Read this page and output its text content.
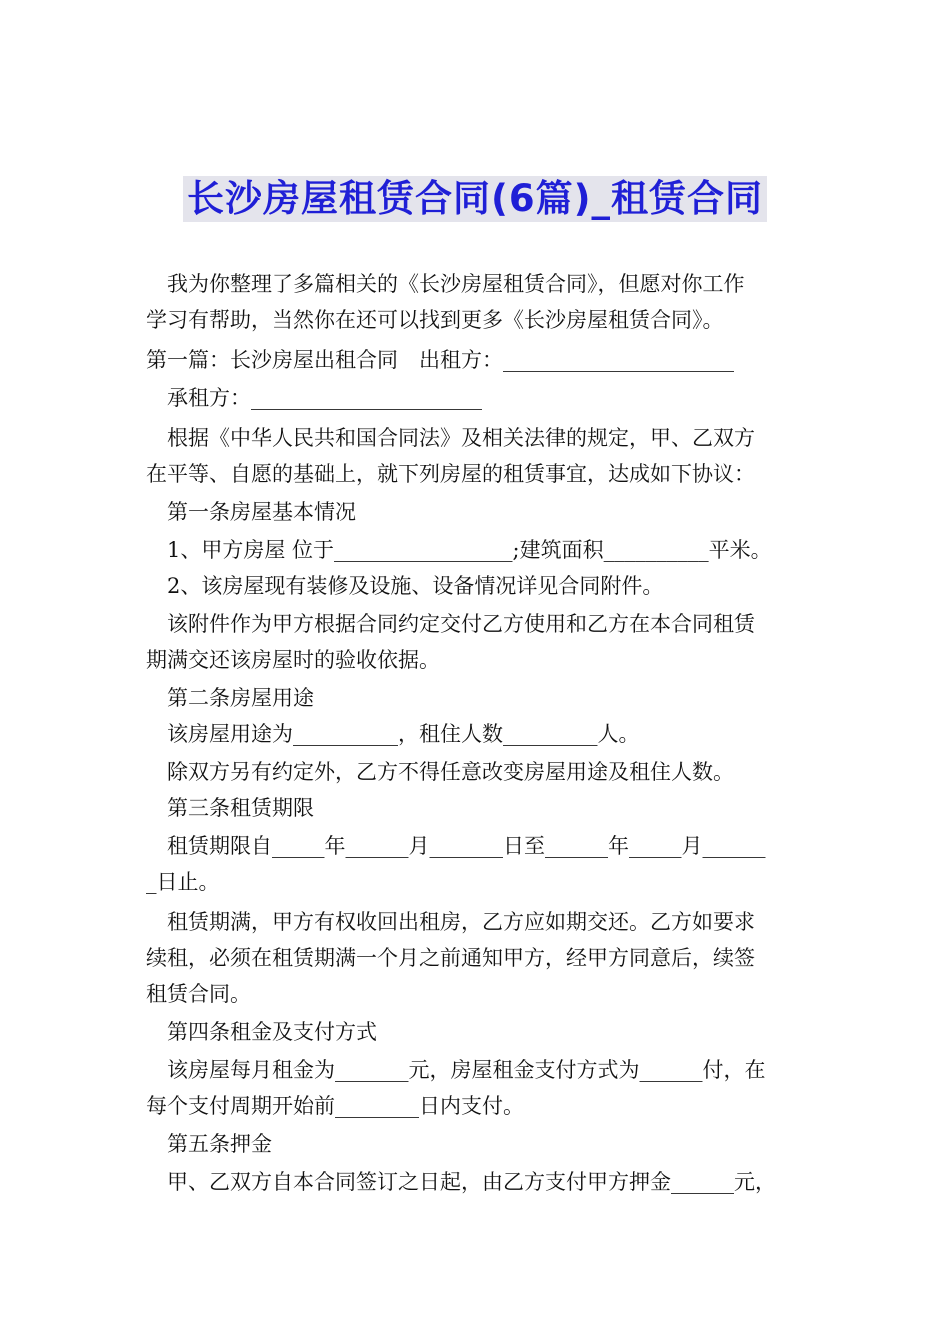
长沙房屋租赁合同(6篇)_租赁合同

我为你整理了多篇相关的《长沙房屋租赁合同》，但愿对你工作

学习有帮助，当然你在还可以找到更多《长沙房屋租赁合同》。

第一篇：长沙房屋出租合同　出租方：______________________

承租方：______________________

根据《中华人民共和国合同法》及相关法律的规定，甲、乙双方

在平等、自愿的基础上，就下列房屋的租赁事宜，达成如下协议：

第一条房屋基本情况

1、甲方房屋 位于_________________;建筑面积__________平米。

2、该房屋现有装修及设施、设备情况详见合同附件。

该附件作为甲方根据合同约定交付乙方使用和乙方在本合同租赁

期满交还该房屋时的验收依据。

第二条房屋用途

该房屋用途为__________，租住人数_________人。

除双方另有约定外，乙方不得任意改变房屋用途及租住人数。

第三条租赁期限

租赁期限自_____年______月_______日至______年_____月______

_日止。

租赁期满，甲方有权收回出租房，乙方应如期交还。乙方如要求

续租，必须在租赁期满一个月之前通知甲方，经甲方同意后，续签

租赁合同。

第四条租金及支付方式

该房屋每月租金为_______元，房屋租金支付方式为______付，在

每个支付周期开始前________日内支付。

第五条押金

甲、乙双方自本合同签订之日起，由乙方支付甲方押金______元，
